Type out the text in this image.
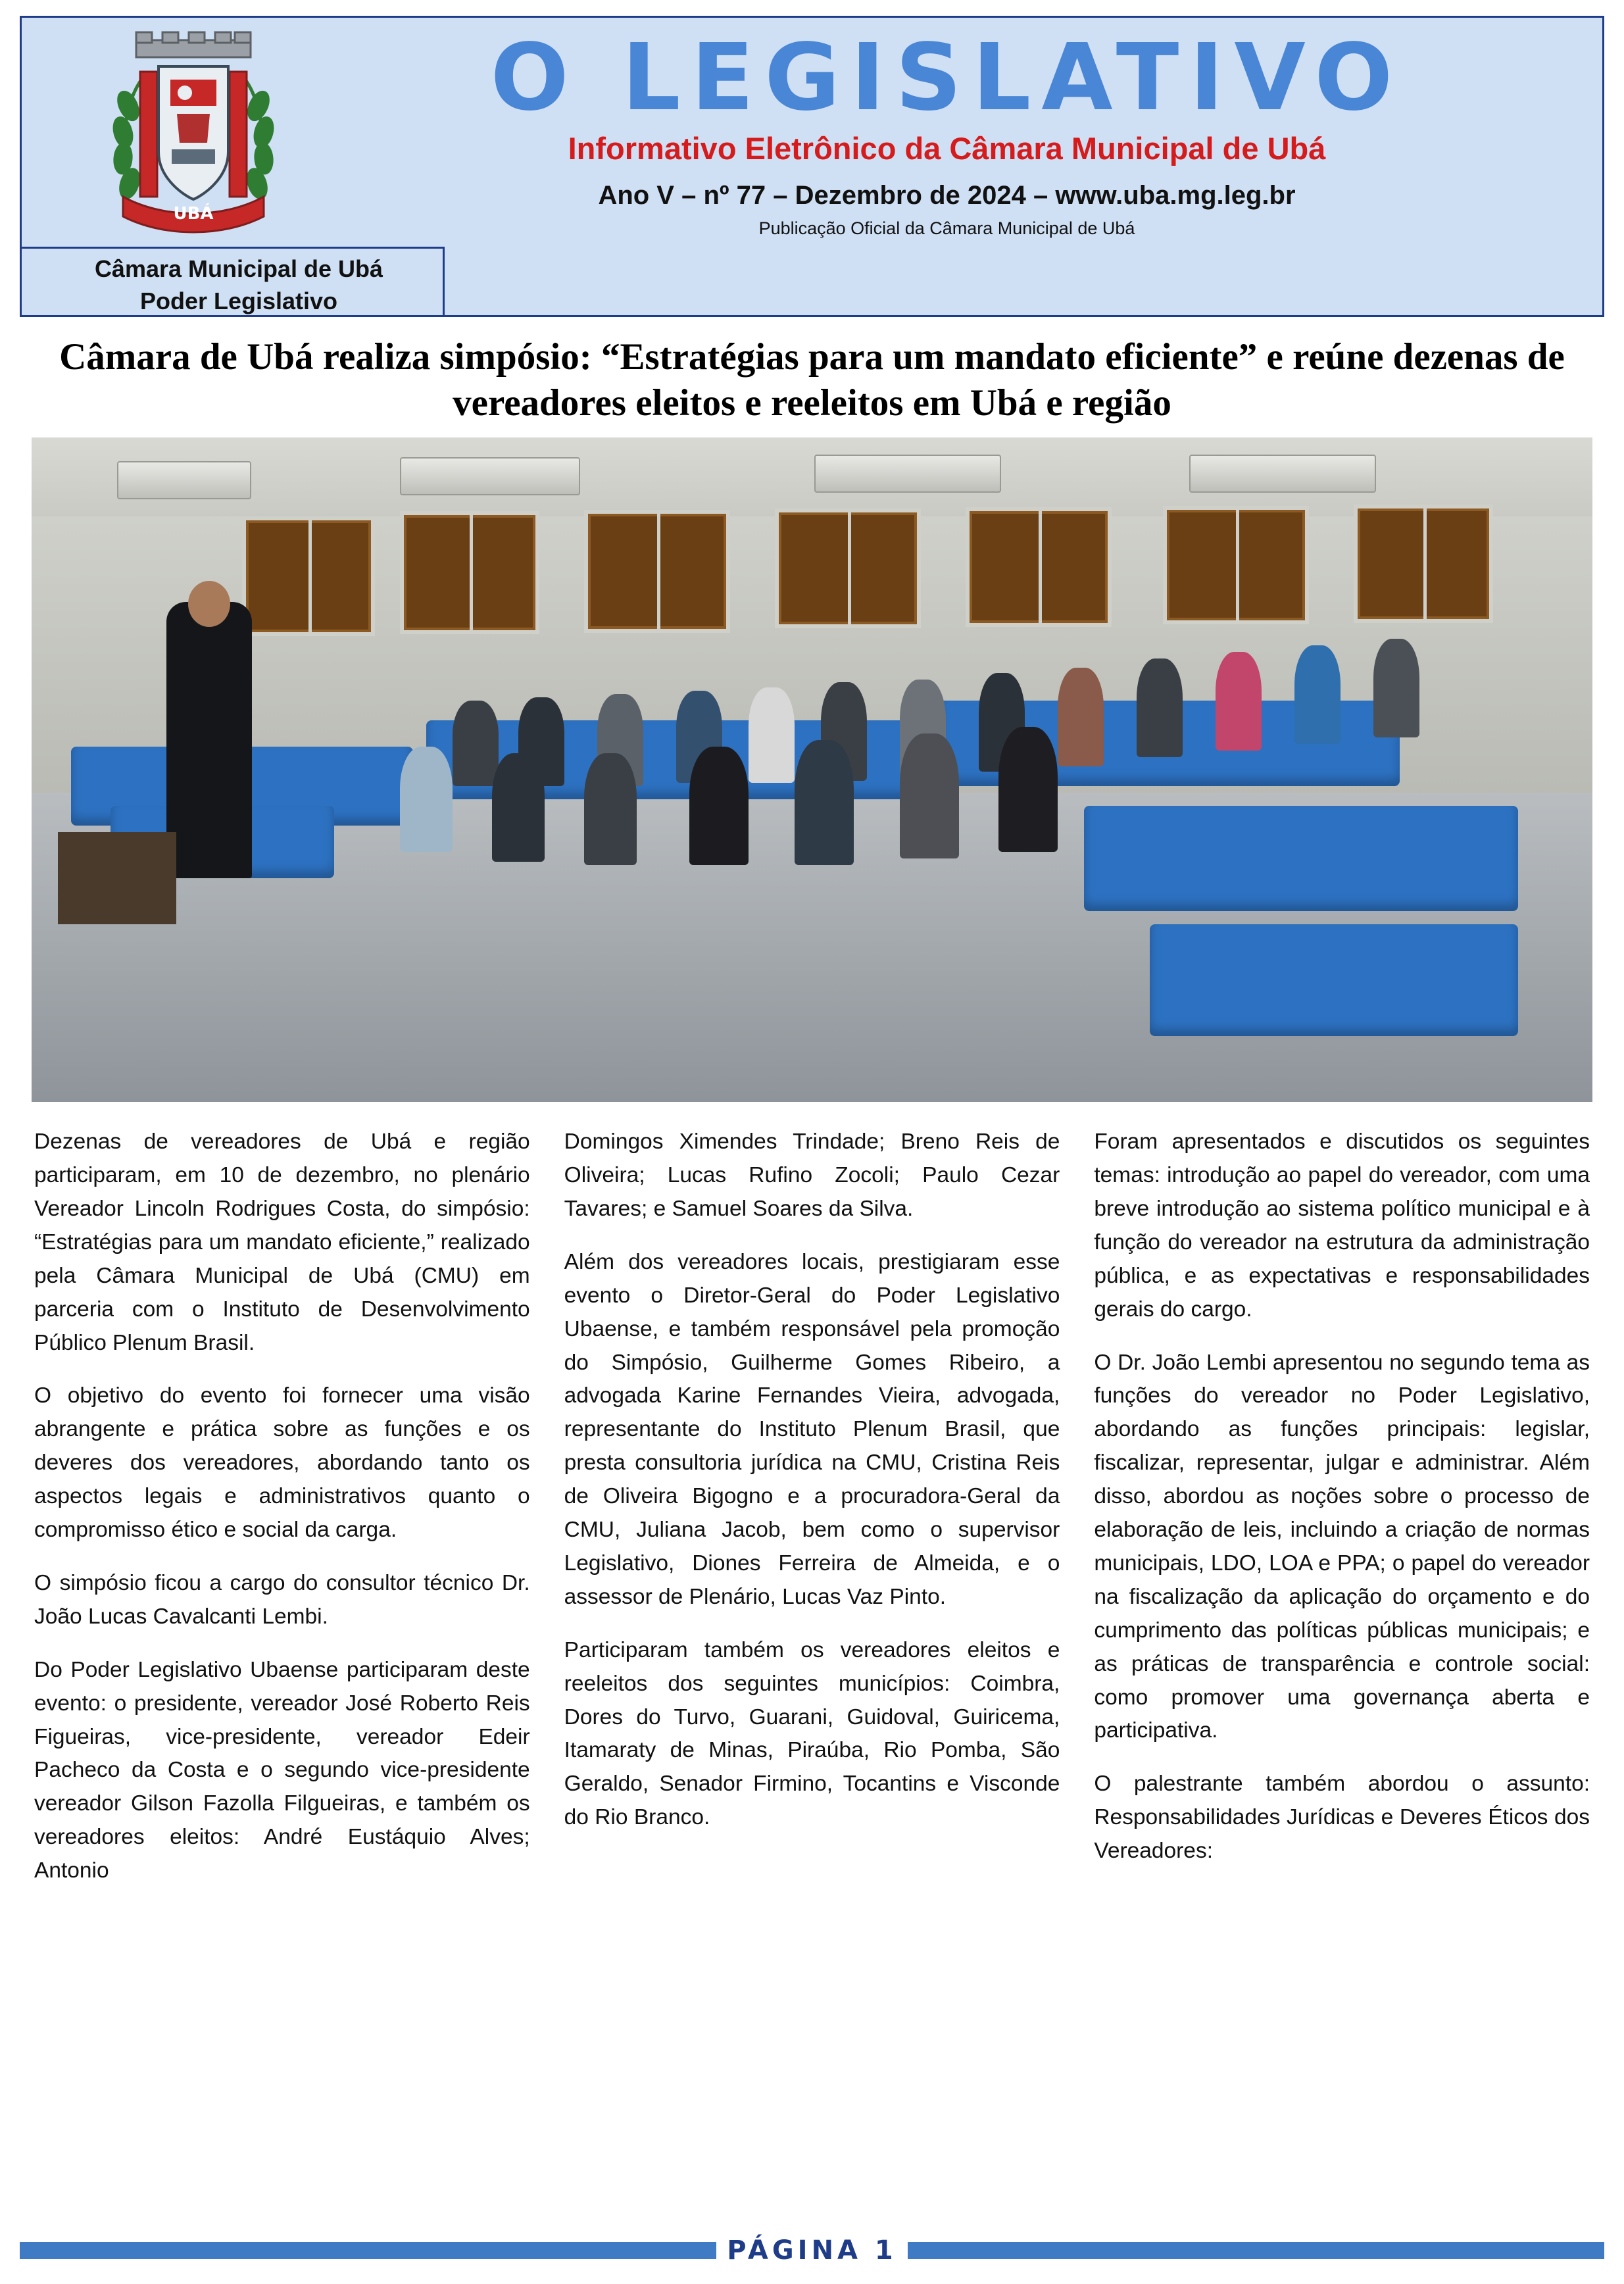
UBÁ
O LEGISLATIVO
Informativo Eletrônico da Câmara Municipal de Ubá
Ano V – nº 77 – Dezembro de 2024 – www.uba.mg.leg.br
Publicação Oficial da Câmara Municipal de Ubá
Câmara Municipal de Ubá
Poder Legislativo
Câmara de Ubá realiza simpósio: “Estratégias para um mandato eficiente” e reúne dezenas de vereadores eleitos e reeleitos em Ubá e região

Dezenas de vereadores de Ubá e região participaram, em 10 de dezembro, no plenário Vereador Lincoln Rodrigues Costa, do simpósio: “Estratégias para um mandato eficiente,” realizado pela Câmara Municipal de Ubá (CMU) em parceria com o Instituto de Desenvolvimento Público Plenum Brasil.

O objetivo do evento foi fornecer uma visão abrangente e prática sobre as funções e os deveres dos vereadores, abordando tanto os aspectos legais e administrativos quanto o compromisso ético e social da carga.

O simpósio ficou a cargo do consultor técnico Dr. João Lucas Cavalcanti Lembi.

Do Poder Legislativo Ubaense participaram deste evento: o presidente, vereador José Roberto Reis Figueiras, vice-presidente, vereador Edeir Pacheco da Costa e o segundo vice-presidente vereador Gilson Fazolla Filgueiras, e também os vereadores eleitos: André Eustáquio Alves; Antonio

Domingos Ximendes Trindade; Breno Reis de Oliveira; Lucas Rufino Zocoli; Paulo Cezar Tavares; e Samuel Soares da Silva.

Além dos vereadores locais, prestigiaram esse evento o Diretor-Geral do Poder Legislativo Ubaense, e também responsável pela promoção do Simpósio, Guilherme Gomes Ribeiro, a advogada Karine Fernandes Vieira, advogada, representante do Instituto Plenum Brasil, que presta consultoria jurídica na CMU, Cristina Reis de Oliveira Bigogno e a procuradora-Geral da CMU, Juliana Jacob, bem como o supervisor Legislativo, Diones Ferreira de Almeida, e o assessor de Plenário, Lucas Vaz Pinto.

Participaram também os vereadores eleitos e reeleitos dos seguintes municípios: Coimbra, Dores do Turvo, Guarani, Guidoval, Guiricema, Itamaraty de Minas, Piraúba, Rio Pomba, São Geraldo, Senador Firmino, Tocantins e Visconde do Rio Branco.

Foram apresentados e discutidos os seguintes temas: introdução ao papel do vereador, com uma breve introdução ao sistema político municipal e à função do vereador na estrutura da administração pública, e as expectativas e responsabilidades gerais do cargo.

O Dr. João Lembi apresentou no segundo tema as funções do vereador no Poder Legislativo, abordando as funções principais: legislar, fiscalizar, representar, julgar e administrar. Além disso, abordou as noções sobre o processo de elaboração de leis, incluindo a criação de normas municipais, LDO, LOA e PPA; o papel do vereador na fiscalização da aplicação do orçamento e do cumprimento das políticas públicas municipais; e as práticas de transparência e controle social: como promover uma governança aberta e participativa.

O palestrante também abordou o assunto: Responsabilidades Jurídicas e Deveres Éticos dos Vereadores:

PÁGINA 1
